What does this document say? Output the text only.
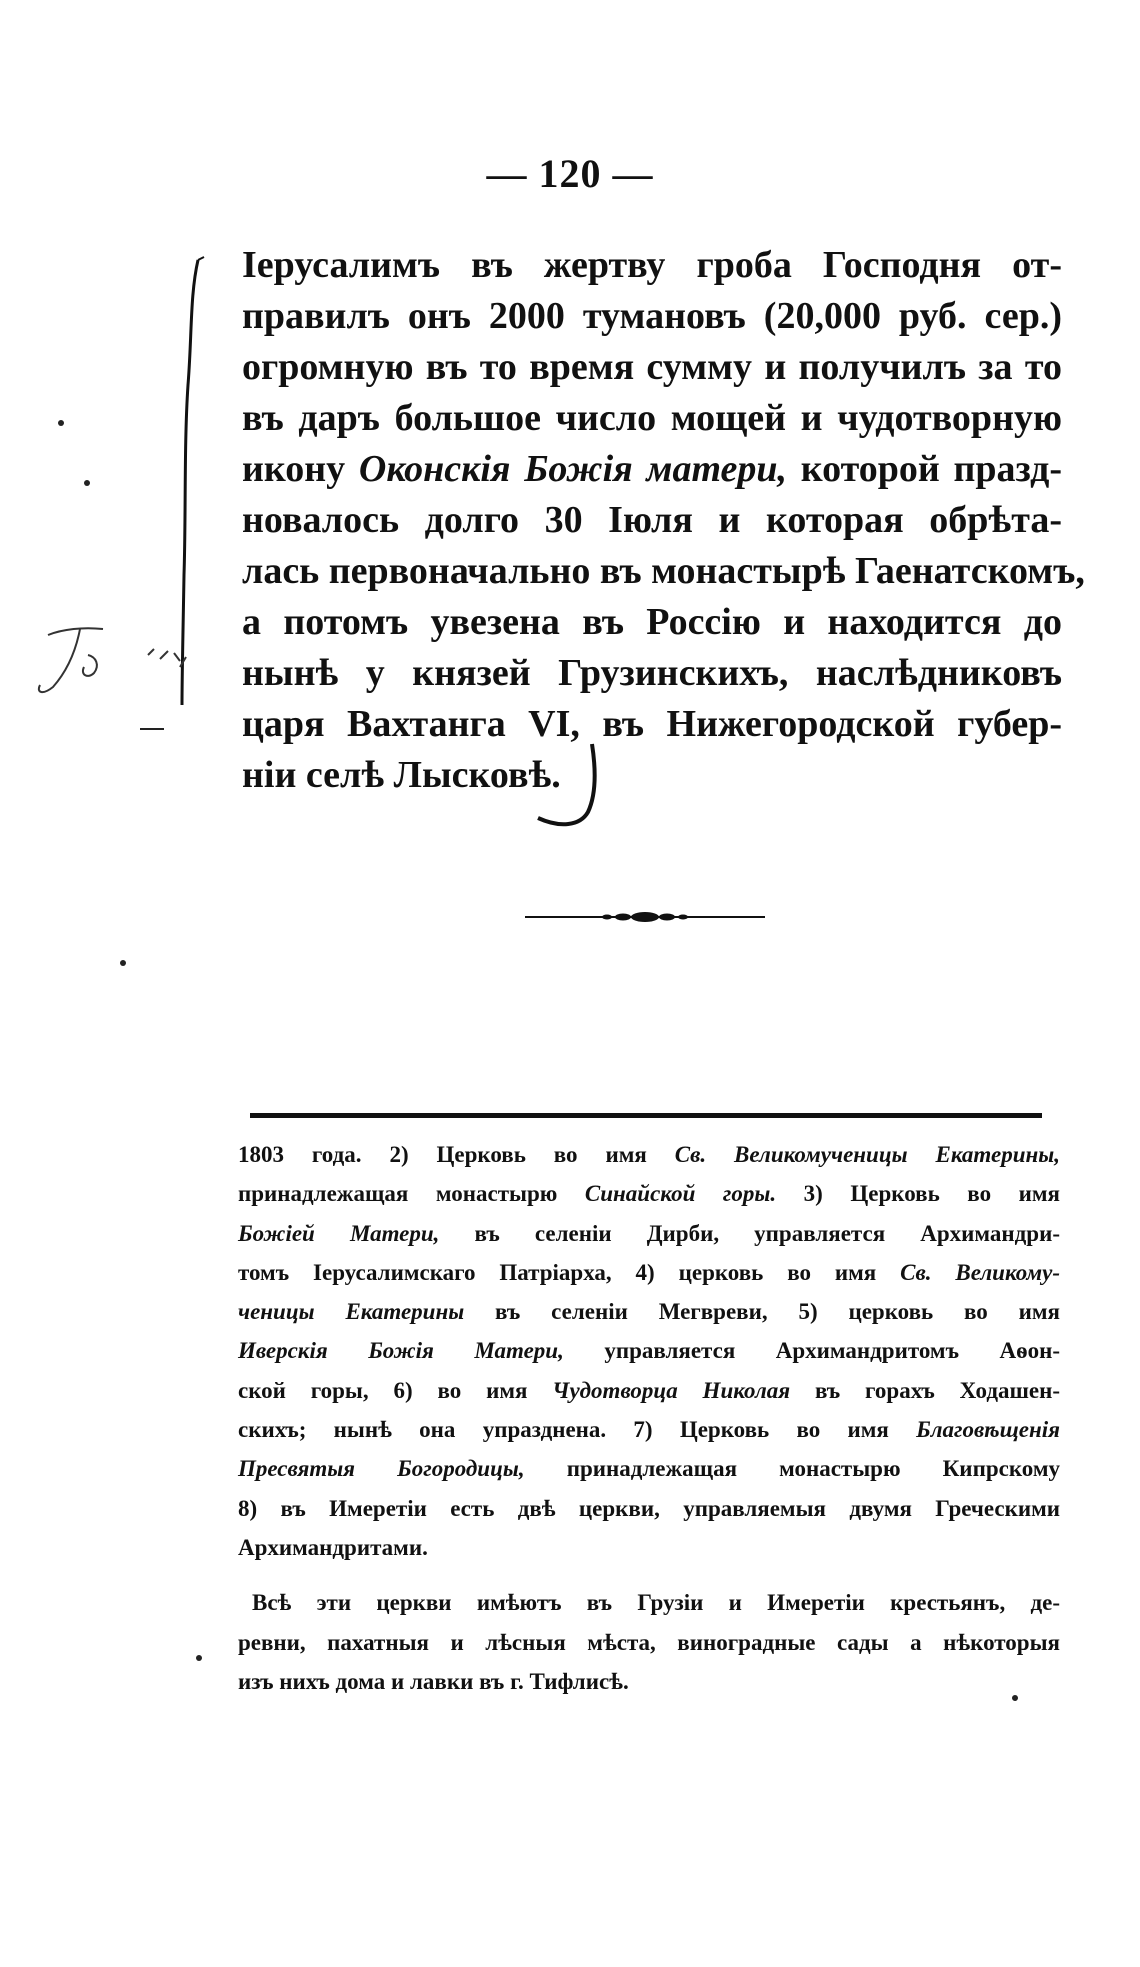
— 120 —
Іерусалимъ въ жертву гроба Господня от-
правилъ онъ 2000 тумановъ (20,000 руб. сер.)
огромную въ то время сумму и получилъ за то
въ даръ большое число мощей и чудотворную
икону Оконскія Божія матери, которой празд-
новалось долго 30 Іюля и которая обрѣта-
лась первоначально въ монастырѣ Гаенатскомъ,
а потомъ увезена въ Россію и находится до
нынѣ у князей Грузинскихъ, наслѣдниковъ
царя Вахтанга VI, въ Нижегородской губер-
ніи селѣ Лысковѣ.
1803 года. 2) Церковь во имя Св. Великомученицы Екатерины,
принадлежащая монастырю Синайской горы. 3) Церковь во имя
Божіей Матери, въ селеніи Дирби, управляется Архимандри-
томъ Іерусалимскаго Патріарха, 4) церковь во имя Св. Великому-
ченицы Екатерины въ селеніи Мегвреви, 5) церковь во имя
Иверскія Божія Матери, управляется Архимандритомъ Аѳон-
ской горы, 6) во имя Чудотворца Николая въ горахъ Ходашен-
скихъ; нынѣ она упразднена. 7) Церковь во имя Благовѣщенія
Пресвятыя Богородицы, принадлежащая монастырю Кипрскому
8) въ Имеретіи есть двѣ церкви, управляемыя двумя Греческими
Архимандритами.
Всѣ эти церкви имѣютъ въ Грузіи и Имеретіи крестьянъ, де-
ревни, пахатныя и лѣсныя мѣста, виноградные сады а нѣкоторыя
изъ нихъ дома и лавки въ г. Тифлисѣ.
